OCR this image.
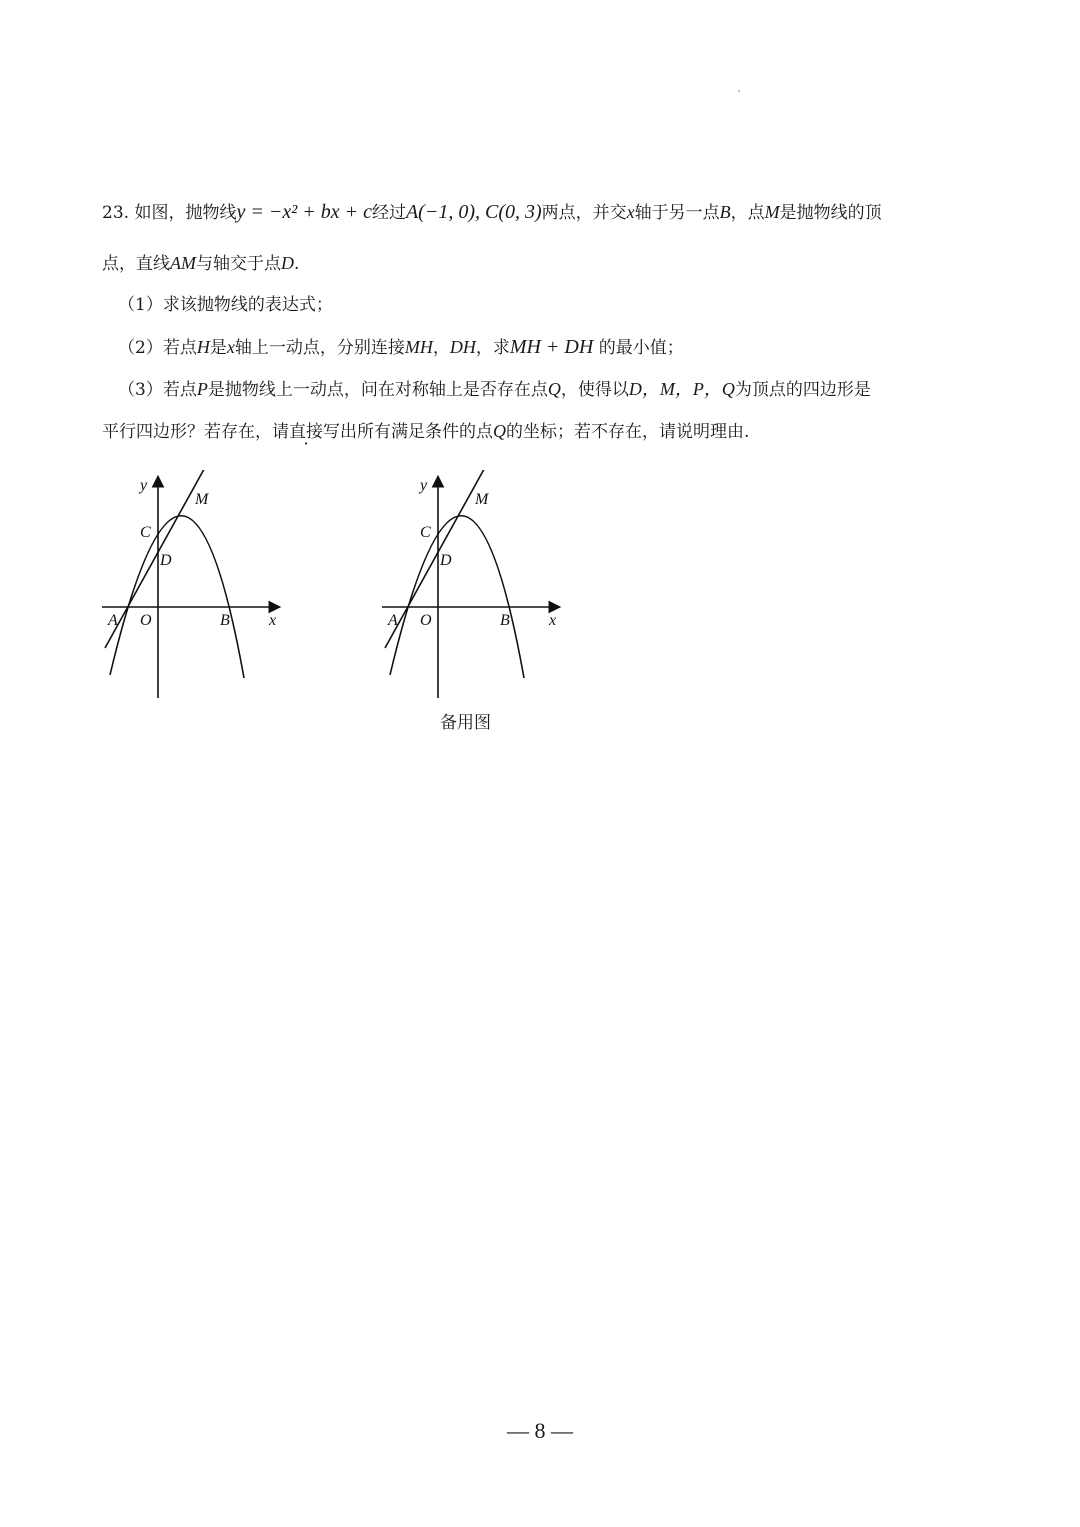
23. 如图，抛物线y = −x² + bx + c经过A(−1, 0), C(0, 3)两点，并交x轴于另一点B，点M是抛物线的顶
点，直线AM与轴交于点D.
（1）求该抛物线的表达式；
（2）若点H是x轴上一动点，分别连接MH，DH，求MH + DH 的最小值；
（3）若点P是抛物线上一动点，问在对称轴上是否存在点Q，使得以D，M，P，Q为顶点的四边形是
平行四边形？若存在，请直接写出所有满足条件的点Q的坐标；若不存在，请说明理由.
y
M
C
D
A O	B x
y
M
C
D
A O	B x
备用图
— 8 —
